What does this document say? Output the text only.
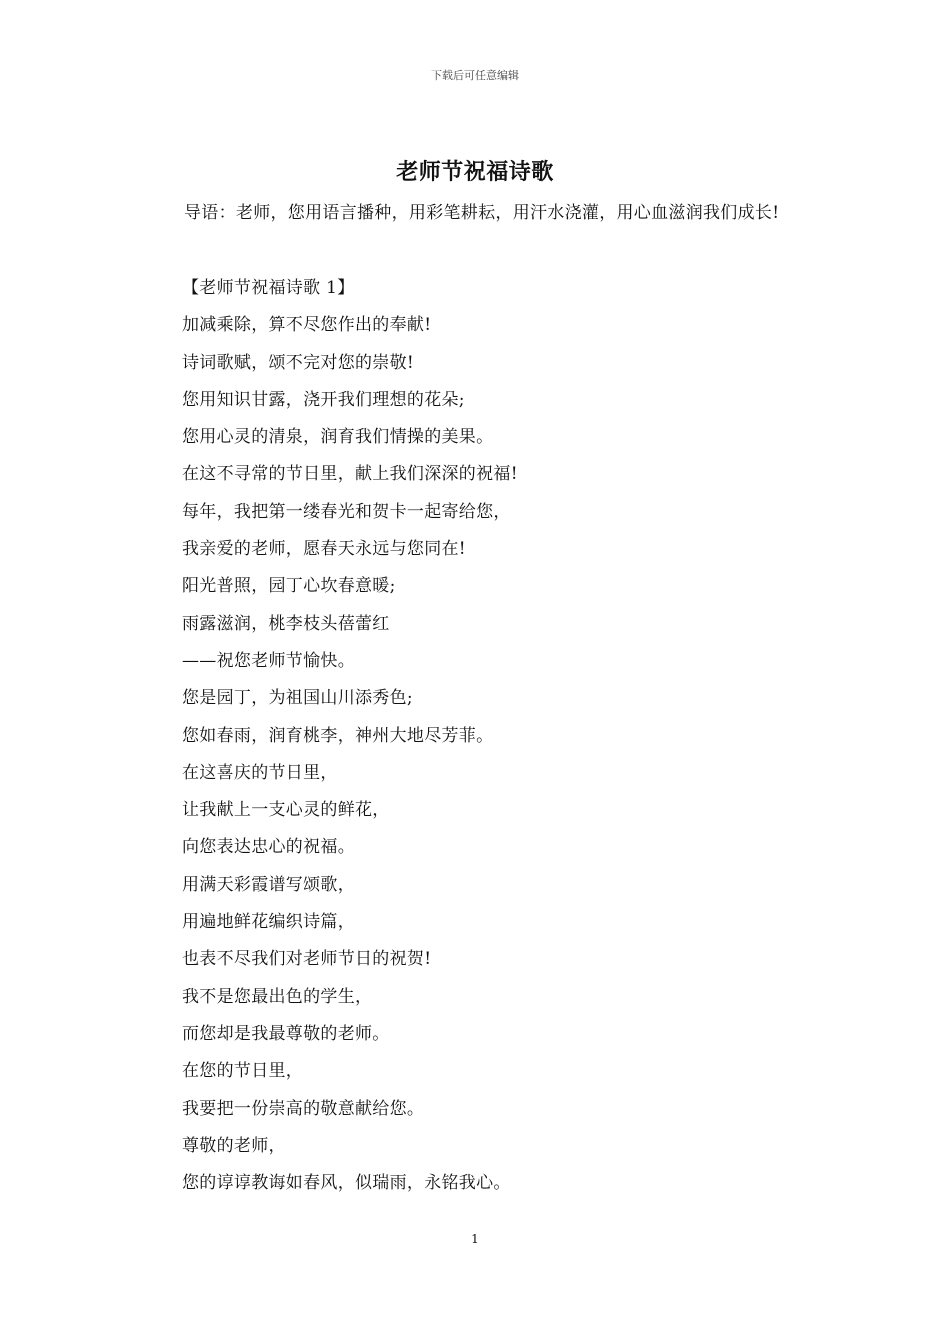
下载后可任意编辑
老师节祝福诗歌
导语：老师，您用语言播种，用彩笔耕耘，用汗水浇灌，用心血滋润我们成长!
【老师节祝福诗歌 1】
加减乘除，算不尽您作出的奉献!
诗词歌赋，颂不完对您的崇敬!
您用知识甘露，浇开我们理想的花朵;
您用心灵的清泉，润育我们情操的美果。
在这不寻常的节日里，献上我们深深的祝福!
每年，我把第一缕春光和贺卡一起寄给您，
我亲爱的老师，愿春天永远与您同在!
阳光普照，园丁心坎春意暖;
雨露滋润，桃李枝头蓓蕾红
——祝您老师节愉快。
您是园丁，为祖国山川添秀色;
您如春雨，润育桃李，神州大地尽芳菲。
在这喜庆的节日里，
让我献上一支心灵的鲜花，
向您表达忠心的祝福。
用满天彩霞谱写颂歌，
用遍地鲜花编织诗篇，
也表不尽我们对老师节日的祝贺!
我不是您最出色的学生，
而您却是我最尊敬的老师。
在您的节日里，
我要把一份崇高的敬意献给您。
尊敬的老师，
您的谆谆教诲如春风，似瑞雨，永铭我心。
1
